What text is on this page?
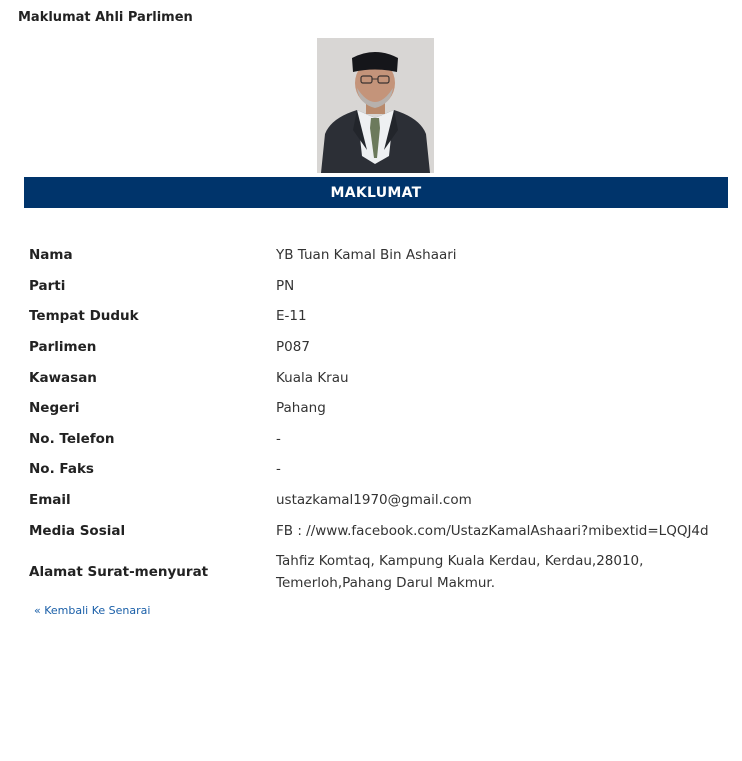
Maklumat Ahli Parlimen
MAKLUMAT
Nama	YB Tuan Kamal Bin Ashaari
Parti	PN
Tempat Duduk	E-11
Parlimen	P087
Kawasan	Kuala Krau
Negeri	Pahang
No. Telefon	-
No. Faks	-
Email	ustazkamal1970@gmail.com
Media Sosial	FB : //www.facebook.com/UstazKamalAshaari?mibextid=LQQJ4d
Alamat Surat-menyurat
Tahfiz Komtaq, Kampung Kuala Kerdau, Kerdau,28010,
Temerloh,Pahang Darul Makmur.
« Kembali Ke Senarai
